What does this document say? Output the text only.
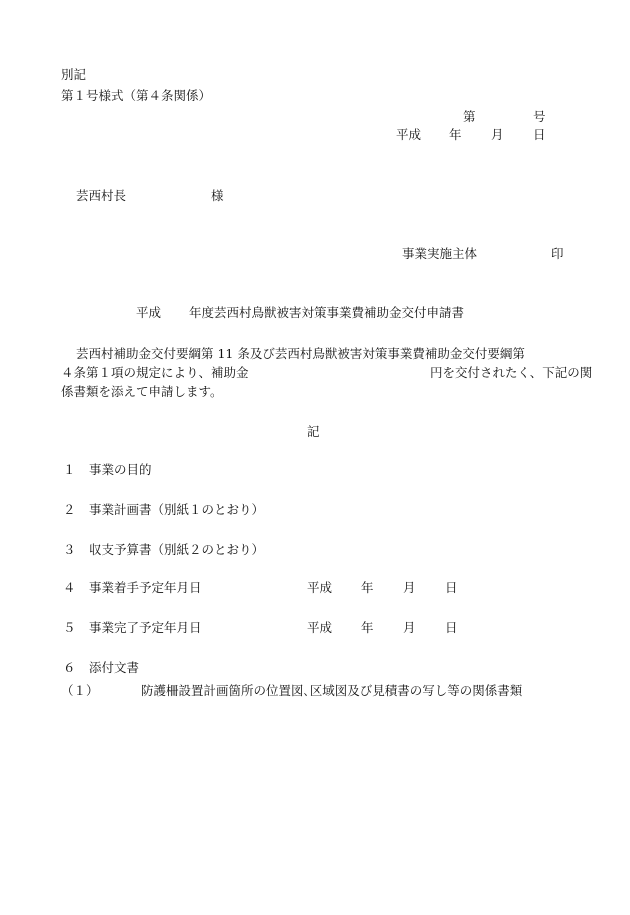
別記
第１号様式（第４条関係）
第	号
平成 年 月 日
芸西村長	様
事業実施主体	印
平成 年度芸西村鳥獣被害対策事業費補助金交付申請書
芸西村補助金交付要綱第 11 条及び芸西村鳥獣被害対策事業費補助金交付要綱第
４条第１項の規定により、補助金	円を交付されたく、下記の関
係書類を添えて申請します。
記
１ 事業の目的
２ 事業計画書（別紙１のとおり）
３ 収支予算書（別紙２のとおり）
４ 事業着手予定年月日	平成 年 月 日
５ 事業完了予定年月日	平成 年 月 日
６ 添付文書
（１）	防護柵設置計画箇所の位置図､区域図及び見積書の写し等の関係書類
